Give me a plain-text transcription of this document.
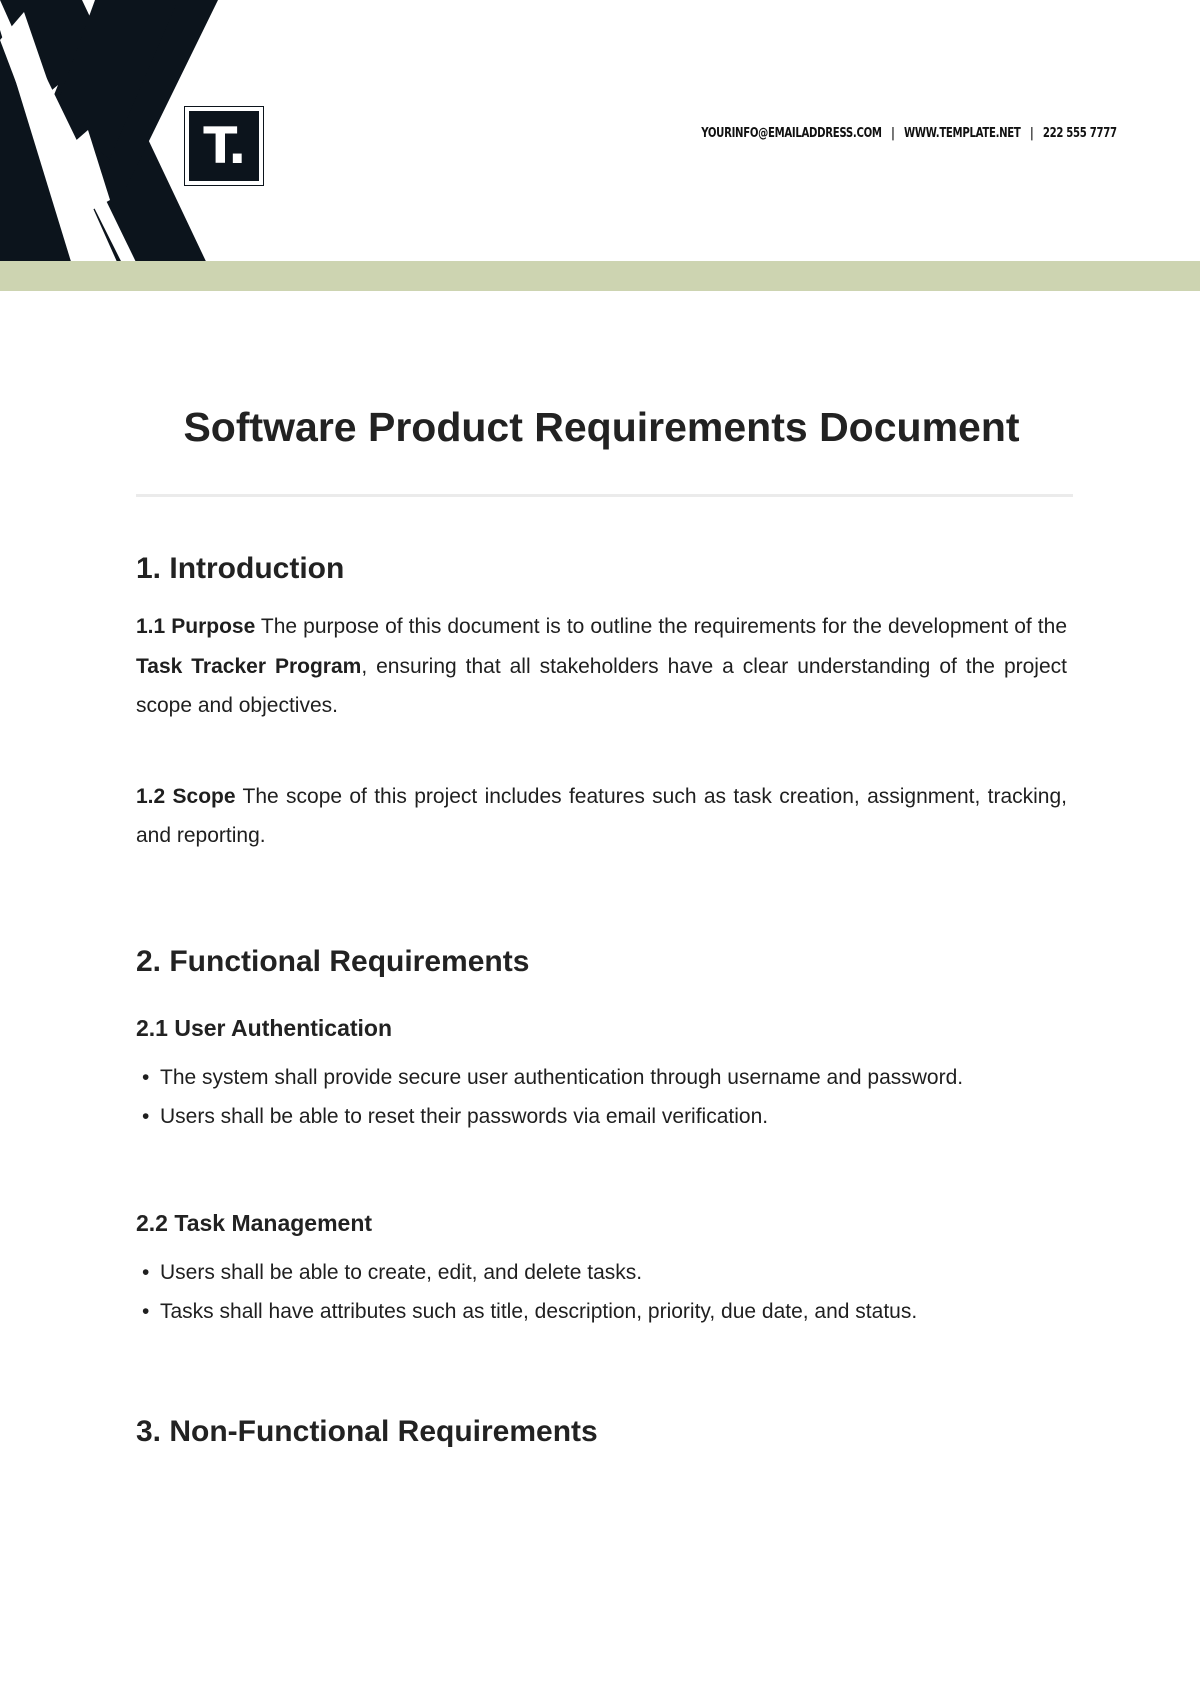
T.	YOURINFO@EMAILADDRESS.COM | WWW.TEMPLATE.NET | 222 555 7777
Software Product Requirements Document
1. Introduction

1.1 Purpose The purpose of this document is to outline the requirements for the development of the Task Tracker Program, ensuring that all stakeholders have a clear understanding of the project scope and objectives.

1.2 Scope The scope of this project includes features such as task creation, assignment, tracking, and reporting.

2. Functional Requirements
2.1 User Authentication
• The system shall provide secure user authentication through username and password.
• Users shall be able to reset their passwords via email verification.
2.2 Task Management
• Users shall be able to create, edit, and delete tasks.
• Tasks shall have attributes such as title, description, priority, due date, and status.
3. Non-Functional Requirements
